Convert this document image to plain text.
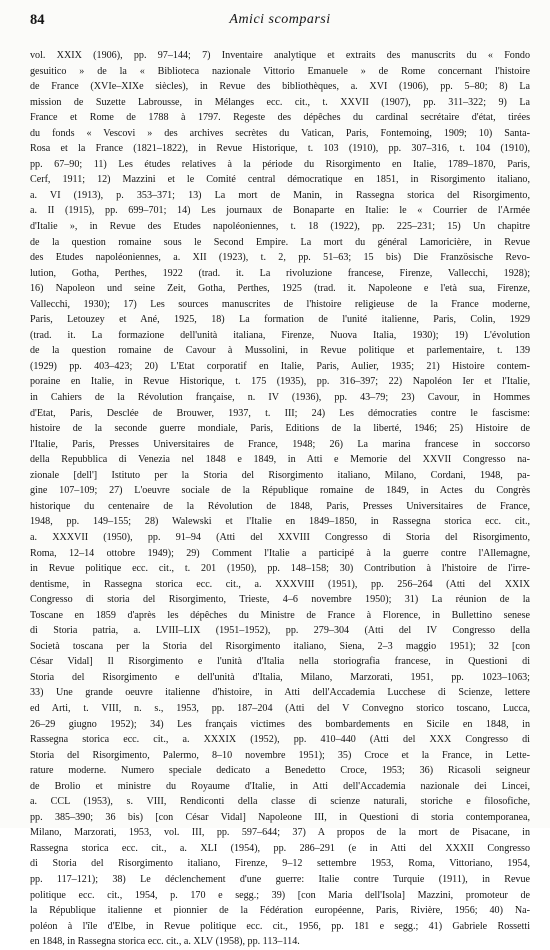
84	Amici scomparsi
vol. XXIX (1906), pp. 97–144; 7) Inventaire analytique et extraits des manuscrits du « Fondo
gesuitico » de la « Biblioteca nazionale Vittorio Emanuele » de Rome concernant l'histoire
de France (XVIe–XIXe siècles), in Revue des bibliothèques, a. XVI (1906), pp. 5–80; 8) La
mission de Suzette Labrousse, in Mélanges ecc. cit., t. XXVII (1907), pp. 311–322; 9) La
France et Rome de 1788 à 1797. Regeste des dépêches du cardinal secrétaire d'état, tirées
du fonds « Vescovi » des archives secrètes du Vatican, Paris, Fontemoing, 1909; 10) Santa-
Rosa et la France (1821–1822), in Revue Historique, t. 103 (1910), pp. 307–316, t. 104 (1910),
pp. 67–90; 11) Les études relatives à la période du Risorgimento en Italie, 1789–1870, Paris,
Cerf, 1911; 12) Mazzini et le Comité central démocratique en 1851, in Risorgimento italiano,
a. VI (1913), p. 353–371; 13) La mort de Manin, in Rassegna storica del Risorgimento,
a. II (1915), pp. 699–701; 14) Les journaux de Bonaparte en Italie: le « Courrier de l'Armée
d'Italie », in Revue des Etudes napoléoniennes, t. 18 (1922), pp. 225–231; 15) Un chapitre
de la question romaine sous le Second Empire. La mort du général Lamoricière, in Revue
des Etudes napoléoniennes, a. XII (1923), t. 2, pp. 51–63; 15 bis) Die Französische Revo-
lution, Gotha, Perthes, 1922 (trad. it. La rivoluzione francese, Firenze, Vallecchi, 1928);
16) Napoleon und seine Zeit, Gotha, Perthes, 1925 (trad. it. Napoleone e l'età sua, Firenze,
Vallecchi, 1930); 17) Les sources manuscrites de l'histoire religieuse de la France moderne,
Paris, Letouzey et Ané, 1925, 18) La formation de l'unité italienne, Paris, Colin, 1929
(trad. it. La formazione dell'unità italiana, Firenze, Nuova Italia, 1930); 19) L'évolution
de la question romaine de Cavour à Mussolini, in Revue politique et parlementaire, t. 139
(1929) pp. 403–423; 20) L'Etat corporatif en Italie, Paris, Aulier, 1935; 21) Histoire contem-
poraine en Italie, in Revue Historique, t. 175 (1935), pp. 316–397; 22) Napoléon Ier et l'Italie,
in Cahiers de la Révolution française, n. IV (1936), pp. 43–79; 23) Cavour, in Hommes
d'Etat, Paris, Desclée de Brouwer, 1937, t. III; 24) Les démocraties contre le fascisme:
histoire de la seconde guerre mondiale, Paris, Editions de la liberté, 1946; 25) Histoire de
l'Italie, Paris, Presses Universitaires de France, 1948; 26) La marina francese in soccorso
della Repubblica di Venezia nel 1848 e 1849, in Atti e Memorie del XXVII Congresso na-
zionale [dell'] Istituto per la Storia del Risorgimento italiano, Milano, Cordani, 1948, pa-
gine 107–109; 27) L'oeuvre sociale de la République romaine de 1849, in Actes du Congrès
historique du centenaire de la Révolution de 1848, Paris, Presses Universitaires de France,
1948, pp. 149–155; 28) Walewski et l'Italie en 1849–1850, in Rassegna storica ecc. cit.,
a. XXXVII (1950), pp. 91–94 (Atti del XXVIII Congresso di Storia del Risorgimento,
Roma, 12–14 ottobre 1949); 29) Comment l'Italie a participé à la guerre contre l'Allemagne,
in Revue politique ecc. cit., t. 201 (1950), pp. 148–158; 30) Contribution à l'histoire de l'irre-
dentisme, in Rassegna storica ecc. cit., a. XXXVIII (1951), pp. 256–264 (Atti del XXIX
Congresso di storia del Risorgimento, Trieste, 4–6 novembre 1950); 31) La réunion de la
Toscane en 1859 d'après les dépêches du Ministre de France à Florence, in Bullettino senese
di Storia patria, a. LVIII–LIX (1951–1952), pp. 279–304 (Atti del IV Congresso della
Società toscana per la Storia del Risorgimento italiano, Siena, 2–3 maggio 1951); 32 [con
César Vidal] Il Risorgimento e l'unità d'Italia nella storiografia francese, in Questioni di
Storia del Risorgimento e dell'unità d'Italia, Milano, Marzorati, 1951, pp. 1023–1063;
33) Une grande oeuvre italienne d'histoire, in Atti dell'Accademia Lucchese di Scienze, lettere
ed Arti, t. VIII, n. s., 1953, pp. 187–204 (Atti del V Convegno storico toscano, Lucca,
26–29 giugno 1952); 34) Les français victimes des bombardements en Sicile en 1848, in
Rassegna storica ecc. cit., a. XXXIX (1952), pp. 410–440 (Atti del XXX Congresso di
Storia del Risorgimento, Palermo, 8–10 novembre 1951); 35) Croce et la France, in Lette-
rature moderne. Numero speciale dedicato a Benedetto Croce, 1953; 36) Ricasoli seigneur
de Brolio et ministre du Royaume d'Italie, in Atti dell'Accademia nazionale dei Lincei,
a. CCL (1953), s. VIII, Rendiconti della classe di scienze naturali, storiche e filosofiche,
pp. 385–390; 36 bis) [con César Vidal] Napoleone III, in Questioni di storia contemporanea,
Milano, Marzorati, 1953, vol. III, pp. 597–644; 37) A propos de la mort de Pisacane, in
Rassegna storica ecc. cit., a. XLI (1954), pp. 286–291 (e in Atti del XXXII Congresso
di Storia del Risorgimento italiano, Firenze, 9–12 settembre 1953, Roma, Vittoriano, 1954,
pp. 117–121); 38) Le déclenchement d'une guerre: Italie contre Turquie (1911), in Revue
politique ecc. cit., 1954, p. 170 e segg.; 39) [con Maria dell'Isola] Mazzini, promoteur de
la République italienne et pionnier de la Fédération européenne, Paris, Rivière, 1956; 40) Na-
poléon à l'île d'Elbe, in Revue politique ecc. cit., 1956, pp. 181 e segg.; 41) Gabriele Rossetti
en 1848, in Rassegna storica ecc. cit., a. XLV (1958), pp. 113–114.
